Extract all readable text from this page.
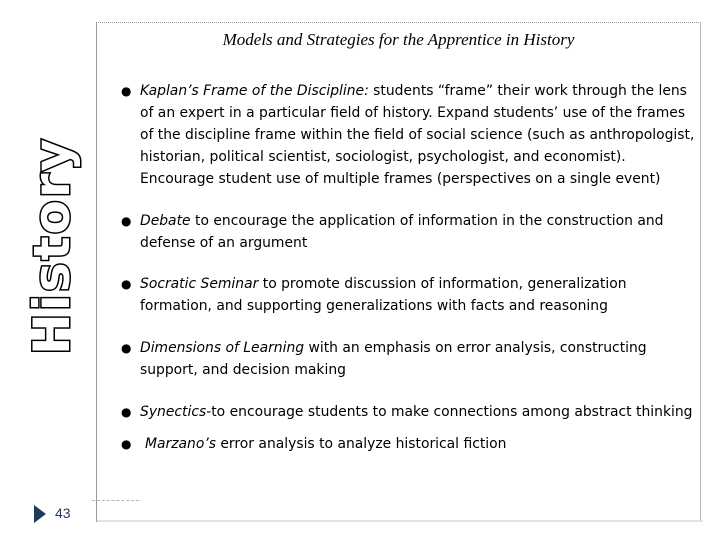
History
Models and Strategies for the Apprentice in History
● Kaplan’s Frame of the Discipline: students “frame” their work through the lens of an expert in a particular field of history. Expand students’ use of the frames of the discipline frame within the field of social science (such as anthropologist, historian, political scientist, sociologist, psychologist, and economist). Encourage student use of multiple frames (perspectives on a single event)
● Debate to encourage the application of information in the construction and defense of an argument
● Socratic Seminar to promote discussion of information, generalization formation, and supporting generalizations with facts and reasoning
● Dimensions of Learning with an emphasis on error analysis, constructing support, and decision making
● Synectics-to encourage students to make connections among abstract thinking
● Marzano’s error analysis to analyze historical fiction
43
